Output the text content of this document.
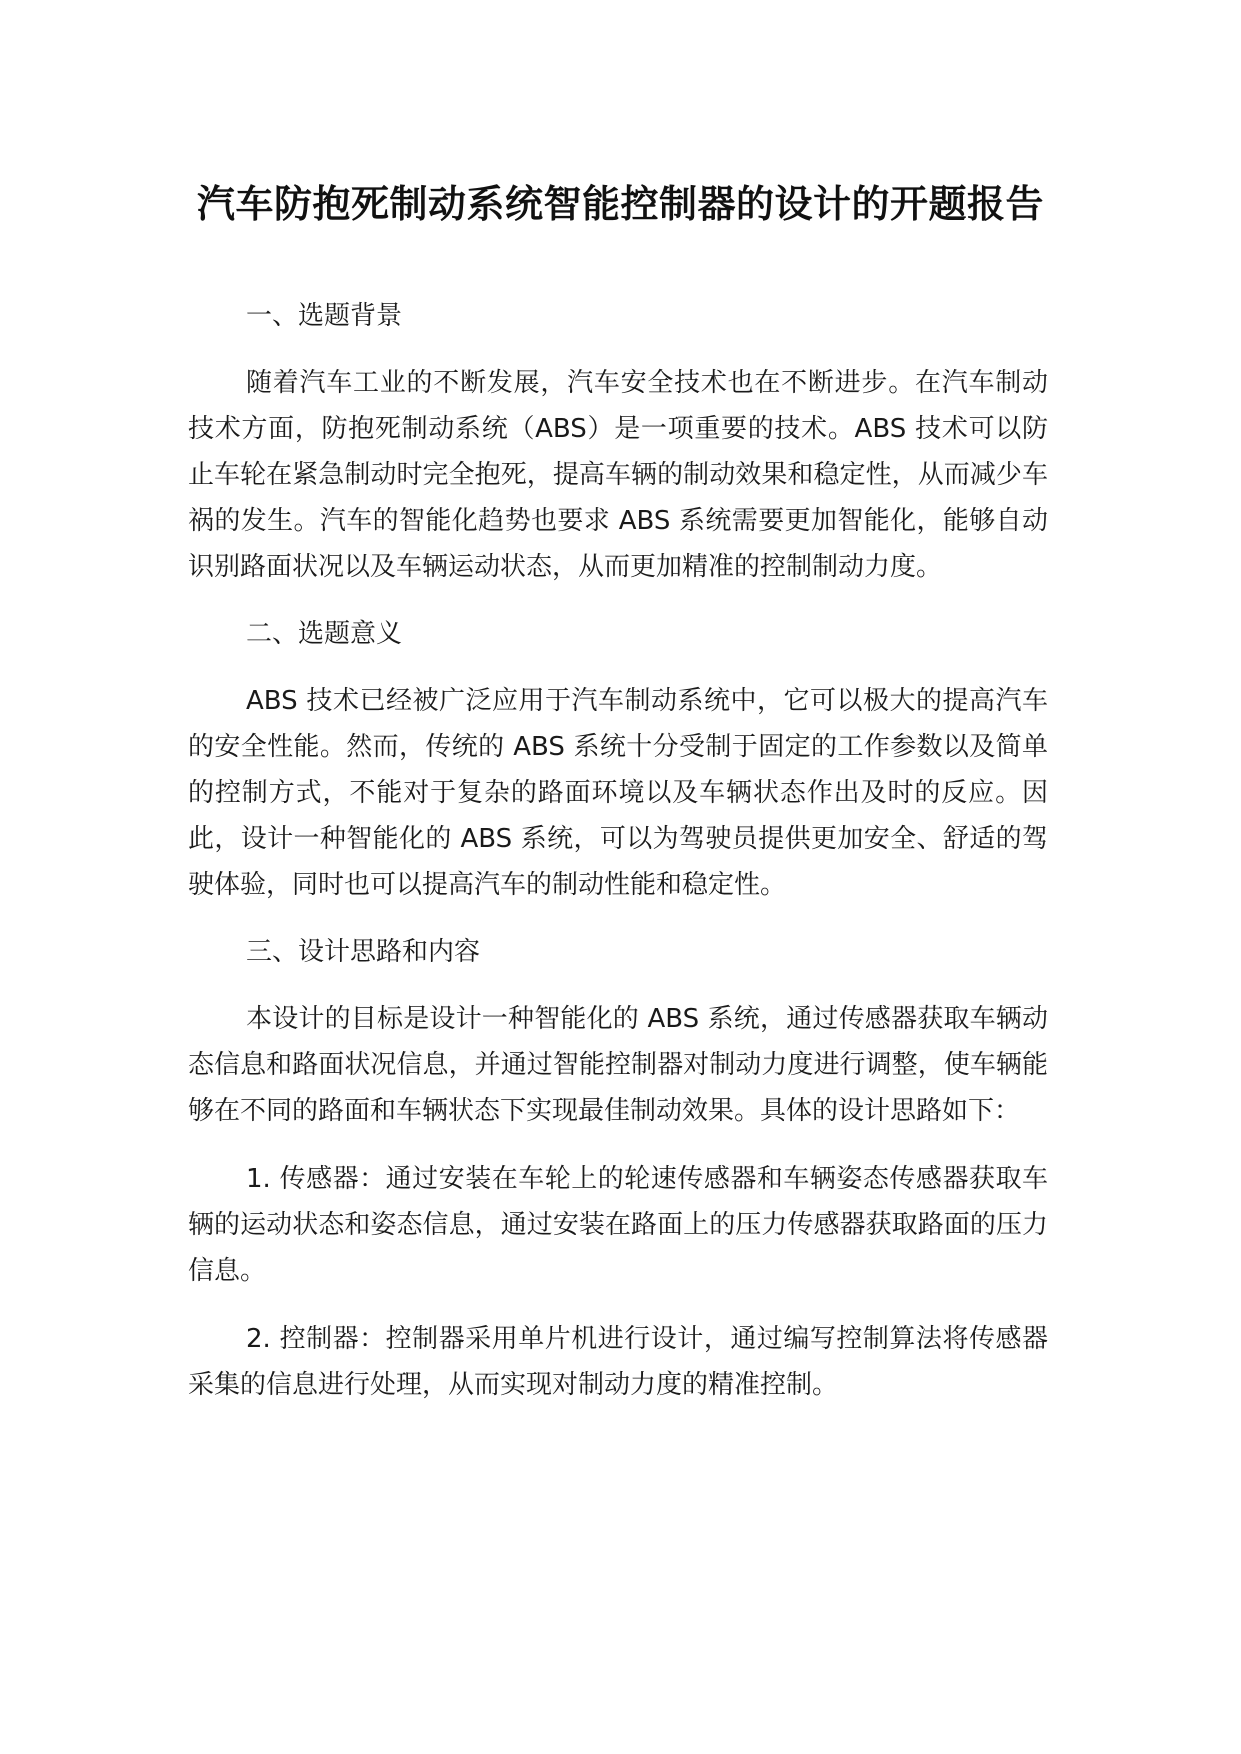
汽车防抱死制动系统智能控制器的设计的开题报告

一、选题背景

随着汽车工业的不断发展，汽车安全技术也在不断进步。在汽车制动技术方面，防抱死制动系统（ABS）是一项重要的技术。ABS 技术可以防止车轮在紧急制动时完全抱死，提高车辆的制动效果和稳定性，从而减少车祸的发生。汽车的智能化趋势也要求 ABS 系统需要更加智能化，能够自动识别路面状况以及车辆运动状态，从而更加精准的控制制动力度。

二、选题意义

ABS 技术已经被广泛应用于汽车制动系统中，它可以极大的提高汽车的安全性能。然而，传统的 ABS 系统十分受制于固定的工作参数以及简单的控制方式，不能对于复杂的路面环境以及车辆状态作出及时的反应。因此，设计一种智能化的 ABS 系统，可以为驾驶员提供更加安全、舒适的驾驶体验，同时也可以提高汽车的制动性能和稳定性。

三、设计思路和内容

本设计的目标是设计一种智能化的 ABS 系统，通过传感器获取车辆动态信息和路面状况信息，并通过智能控制器对制动力度进行调整，使车辆能够在不同的路面和车辆状态下实现最佳制动效果。具体的设计思路如下：

1. 传感器：通过安装在车轮上的轮速传感器和车辆姿态传感器获取车辆的运动状态和姿态信息，通过安装在路面上的压力传感器获取路面的压力信息。

2. 控制器：控制器采用单片机进行设计，通过编写控制算法将传感器采集的信息进行处理，从而实现对制动力度的精准控制。
